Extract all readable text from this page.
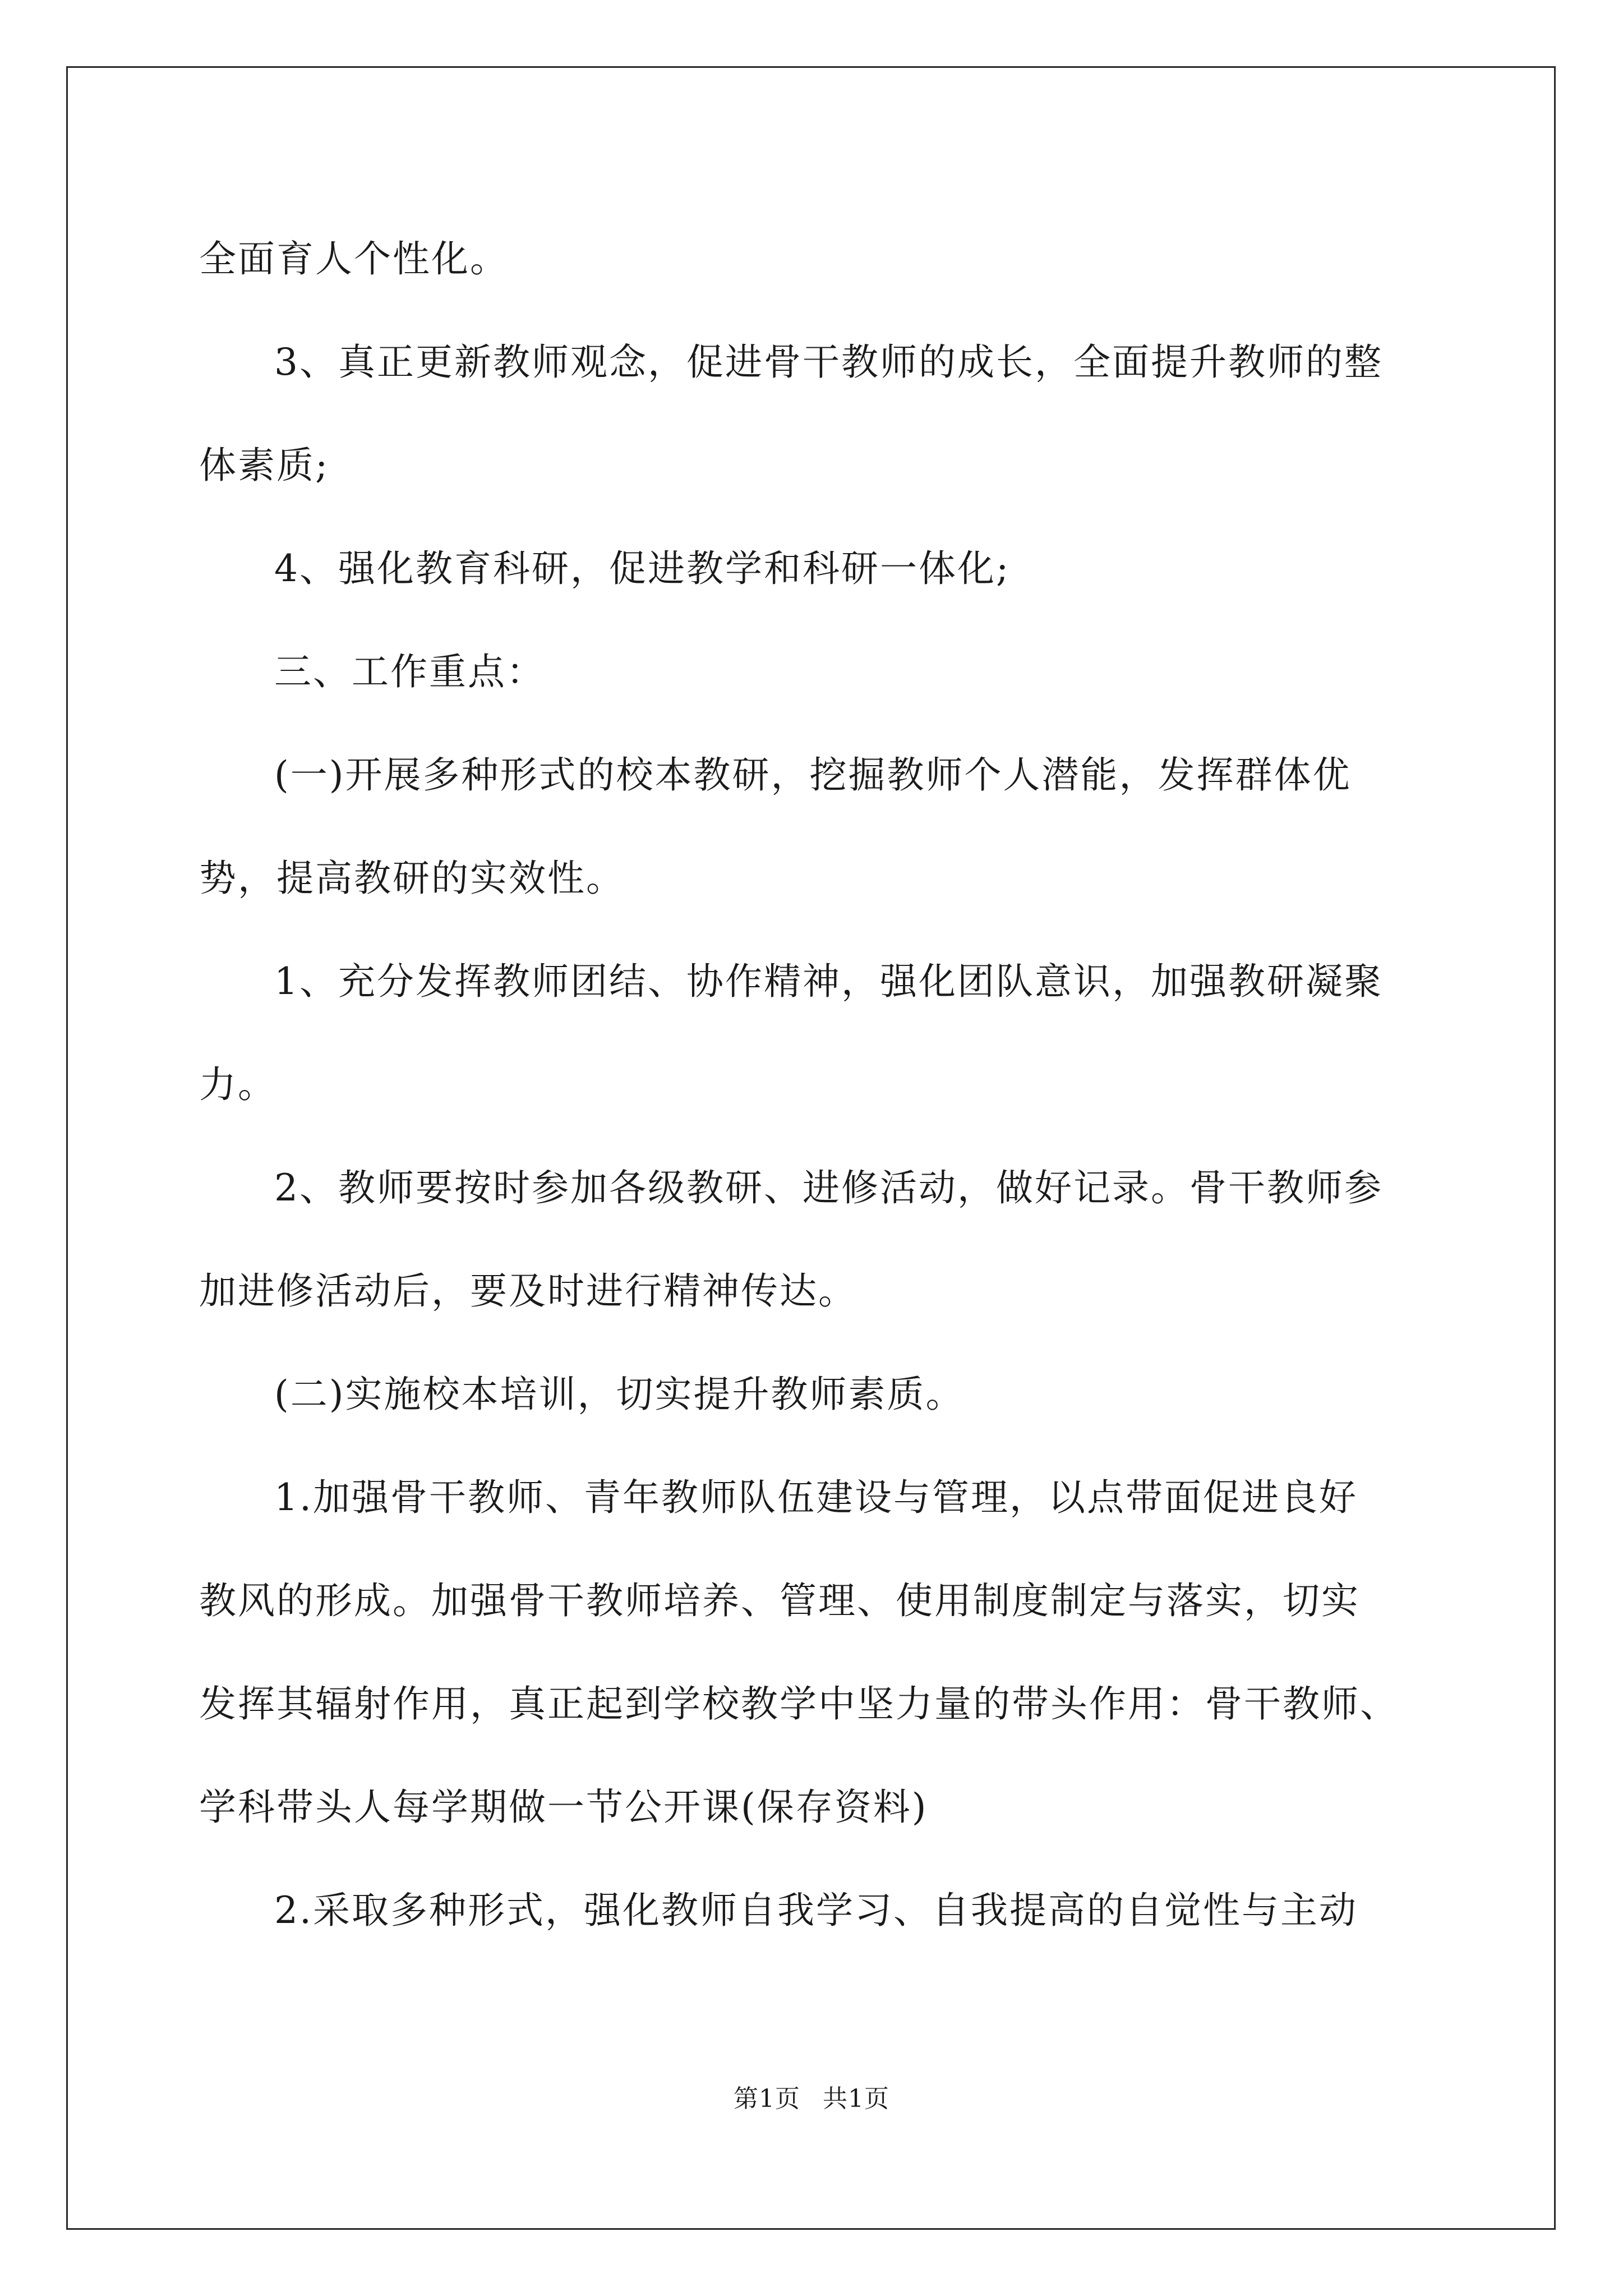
全面育人个性化。
3、真正更新教师观念，促进骨干教师的成长，全面提升教师的整
体素质;
4、强化教育科研，促进教学和科研一体化;
三、工作重点：
(一)开展多种形式的校本教研，挖掘教师个人潜能，发挥群体优
势，提高教研的实效性。
1、充分发挥教师团结、协作精神，强化团队意识，加强教研凝聚
力。
2、教师要按时参加各级教研、进修活动，做好记录。骨干教师参
加进修活动后，要及时进行精神传达。
(二)实施校本培训，切实提升教师素质。
1.加强骨干教师、青年教师队伍建设与管理，以点带面促进良好
教风的形成。加强骨干教师培养、管理、使用制度制定与落实，切实
发挥其辐射作用，真正起到学校教学中坚力量的带头作用：骨干教师、
学科带头人每学期做一节公开课(保存资料)
2.采取多种形式，强化教师自我学习、自我提高的自觉性与主动
第1页 共1页
